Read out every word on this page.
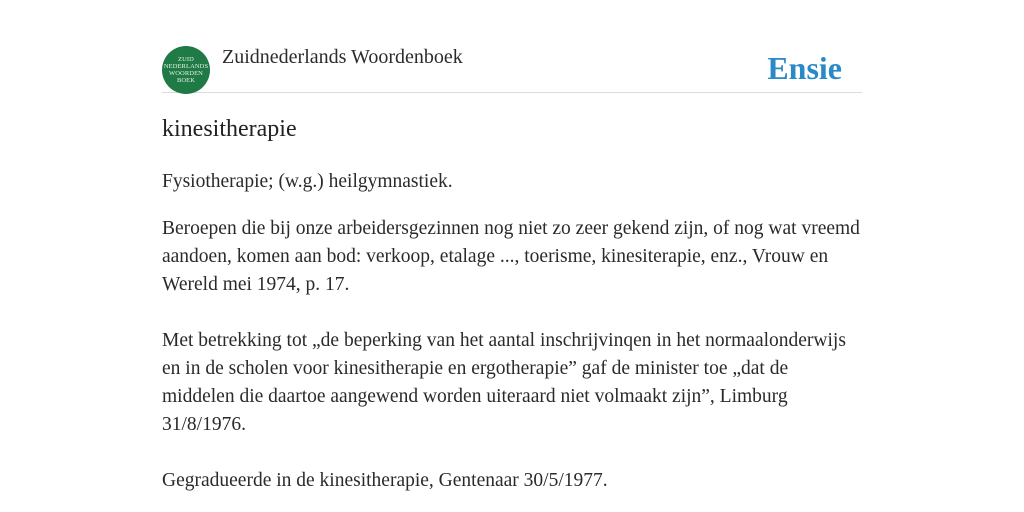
ZUID
NEDERLANDS
WOORDEN
BOEK
Zuidnederlands Woordenboek	Ensie
kinesitherapie

Fysiotherapie; (w.g.) heilgymnastiek.

Beroepen die bij onze arbeidersgezinnen nog niet zo zeer gekend zijn, of nog wat vreemd aandoen, komen aan bod: verkoop, etalage ..., toerisme, kinesiterapie, enz., Vrouw en Wereld mei 1974, p. 17.

Met betrekking tot „de beperking van het aantal inschrijvinqen in het normaalonderwijs en in de scholen voor kinesitherapie en ergotherapie” gaf de minister toe „dat de middelen die daartoe aangewend worden uiteraard niet volmaakt zijn”, Limburg 31/8/1976.

Gegradueerde in de kinesitherapie, Gentenaar 30/5/1977.
